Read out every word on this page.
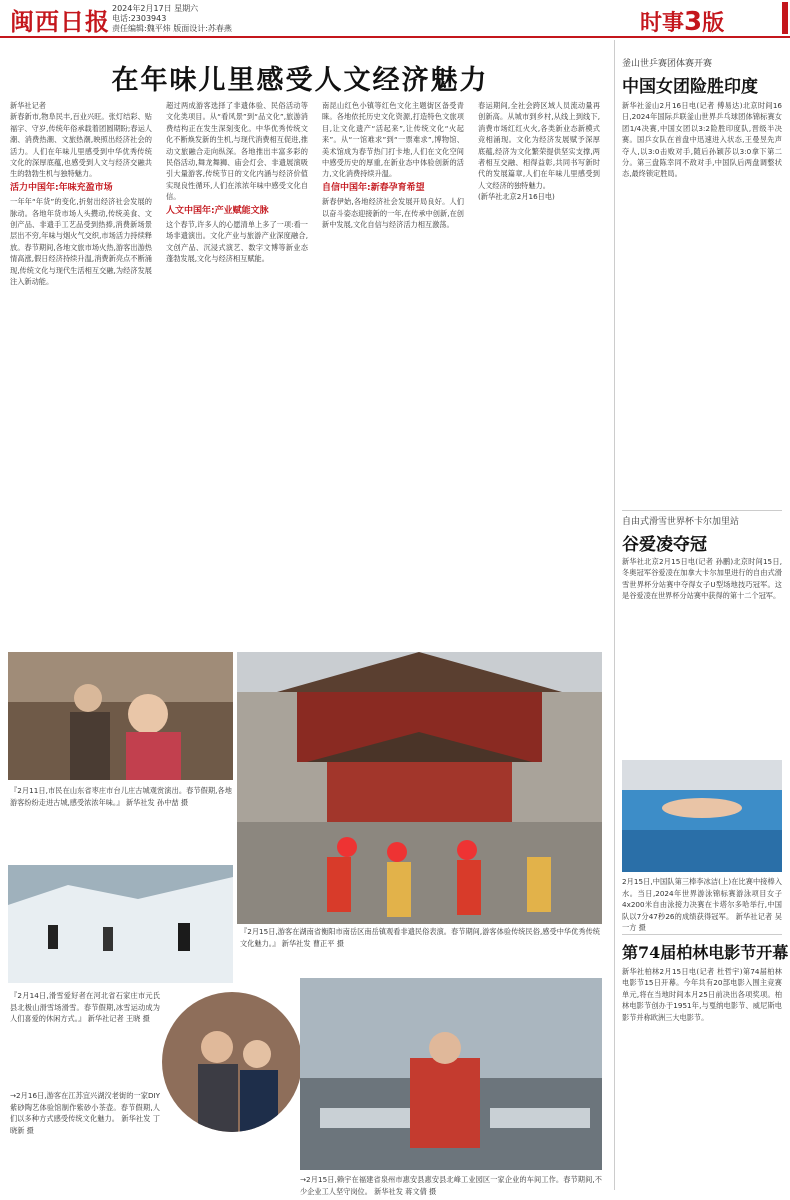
闽西日报 2024年2月17日 星期六
电话:2303943
责任编辑:魏平炜 版面设计:苏春燕	时事3版
在年味儿里感受人文经济魅力
新华社记者
新春新市,物阜民丰,百业兴旺。张灯结彩、贴福字、守岁,传统年俗承载着团圆期盼;春运人潮、消费热潮、文旅热潮,映照出经济社会的活力。人们在年味儿里感受到中华优秀传统文化的深厚底蕴,也感受到人文与经济交融共生的勃勃生机与独特魅力。
活力中国年:年味充盈市场
一年年“年货”的变化,折射出经济社会发展的脉动。各地年货市场人头攒动,传统美食、文创产品、非遗手工艺品受到热捧,消费新场景层出不穷,年味与烟火气交织,市场活力持续释放。春节期间,各地文旅市场火热,游客出游热情高涨,假日经济持续升温,消费新亮点不断涌现,传统文化与现代生活相互交融,为经济发展注入新动能。
超过两成游客选择了非遗体验、民俗活动等文化类项目。从“看风景”到“品文化”,旅游消费结构正在发生深刻变化。中华优秀传统文化不断焕发新的生机,与现代消费相互促进,推动文旅融合走向纵深。各地推出丰富多彩的民俗活动,舞龙舞狮、庙会灯会、非遗展演吸引大量游客,传统节日的文化内涵与经济价值实现良性循环,人们在浓浓年味中感受文化自信。
人文中国年:产业赋能文脉
这个春节,许多人的心愿清单上多了一项:看一场非遗演出。文化产业与旅游产业深度融合,文创产品、沉浸式演艺、数字文博等新业态蓬勃发展,文化与经济相互赋能。
南昆山红色小镇等红色文化主题街区备受青睐。各地依托历史文化资源,打造特色文旅项目,让文化遗产“活起来”,让传统文化“火起来”。从“一馆难求”到“一票难求”,博物馆、美术馆成为春节热门打卡地,人们在文化空间中感受历史的厚重,在新业态中体验创新的活力,文化消费持续升温。
自信中国年:新春孕育希望
新春伊始,各地经济社会发展开局良好。人们以奋斗姿态迎接新的一年,在传承中创新,在创新中发展,文化自信与经济活力相互激荡。
春运期间,全社会跨区域人员流动量再创新高。从城市到乡村,从线上到线下,消费市场红红火火,各类新业态新模式竞相涌现。文化为经济发展赋予深厚底蕴,经济为文化繁荣提供坚实支撑,两者相互交融、相得益彰,共同书写新时代的发展篇章,人们在年味儿里感受到人文经济的独特魅力。
(新华社北京2月16日电)
『2月11日,市民在山东省枣庄市台儿庄古城观赏演出。春节假期,各地游客纷纷走进古城,感受浓浓年味。』 新华社发 孙中喆 摄
『2月14日,滑雪爱好者在河北省石家庄市元氏县北极山滑雪场滑雪。春节假期,冰雪运动成为人们喜爱的休闲方式。』 新华社记者 王晓 摄
→2月16日,游客在江苏宜兴湖㳇老街的一家DIY紫砂陶艺体验馆制作紫砂小茶壶。春节假期,人们以多种方式感受传统文化魅力。 新华社发 丁晓新 摄
『2月15日,游客在湖南省衡阳市南岳区南岳镇观看非遗民俗表演。春节期间,游客体验传统民俗,感受中华优秀传统文化魅力。』 新华社发 曹正平 摄
→2月15日,赖宇在福建省泉州市惠安县惠安县北峰工业园区一家企业的车间工作。春节期间,不少企业工人坚守岗位。 新华社发 蒋文倩 摄
釜山世乒赛团体赛开赛
中国女团险胜印度
新华社釜山2月16日电(记者 傅易达)北京时间16日,2024年国际乒联釜山世界乒乓球团体锦标赛女团1/4决赛,中国女团以3:2险胜印度队,晋级半决赛。国乒女队在首盘中迅速进入状态,王曼昱先声夺人,以3:0击败对手,随后孙颖莎以3:0拿下第二分。第三盘陈幸同不敌对手,中国队后两盘调整状态,最终锁定胜局。
自由式滑雪世界杯卡尔加里站
谷爱凌夺冠
新华社北京2月15日电(记者 孙鹏)北京时间15日,冬奥冠军谷爱凌在加拿大卡尔加里进行的自由式滑雪世界杯分站赛中夺得女子U型场地技巧冠军。这是谷爱凌在世界杯分站赛中获得的第十二个冠军。
2月15日,中国队第三棒李冰洁(上)在比赛中接棒入水。当日,2024年世界游泳锦标赛游泳项目女子4x200米自由泳接力决赛在卡塔尔多哈举行,中国队以7分47秒26的成绩获得冠军。 新华社记者 吴一方 摄
第74届柏林电影节开幕
新华社柏林2月15日电(记者 杜哲宇)第74届柏林电影节15日开幕。今年共有20部电影入围主竞赛单元,将在当地时间本月25日前决出各项奖项。柏林电影节创办于1951年,与戛纳电影节、威尼斯电影节并称欧洲三大电影节。
